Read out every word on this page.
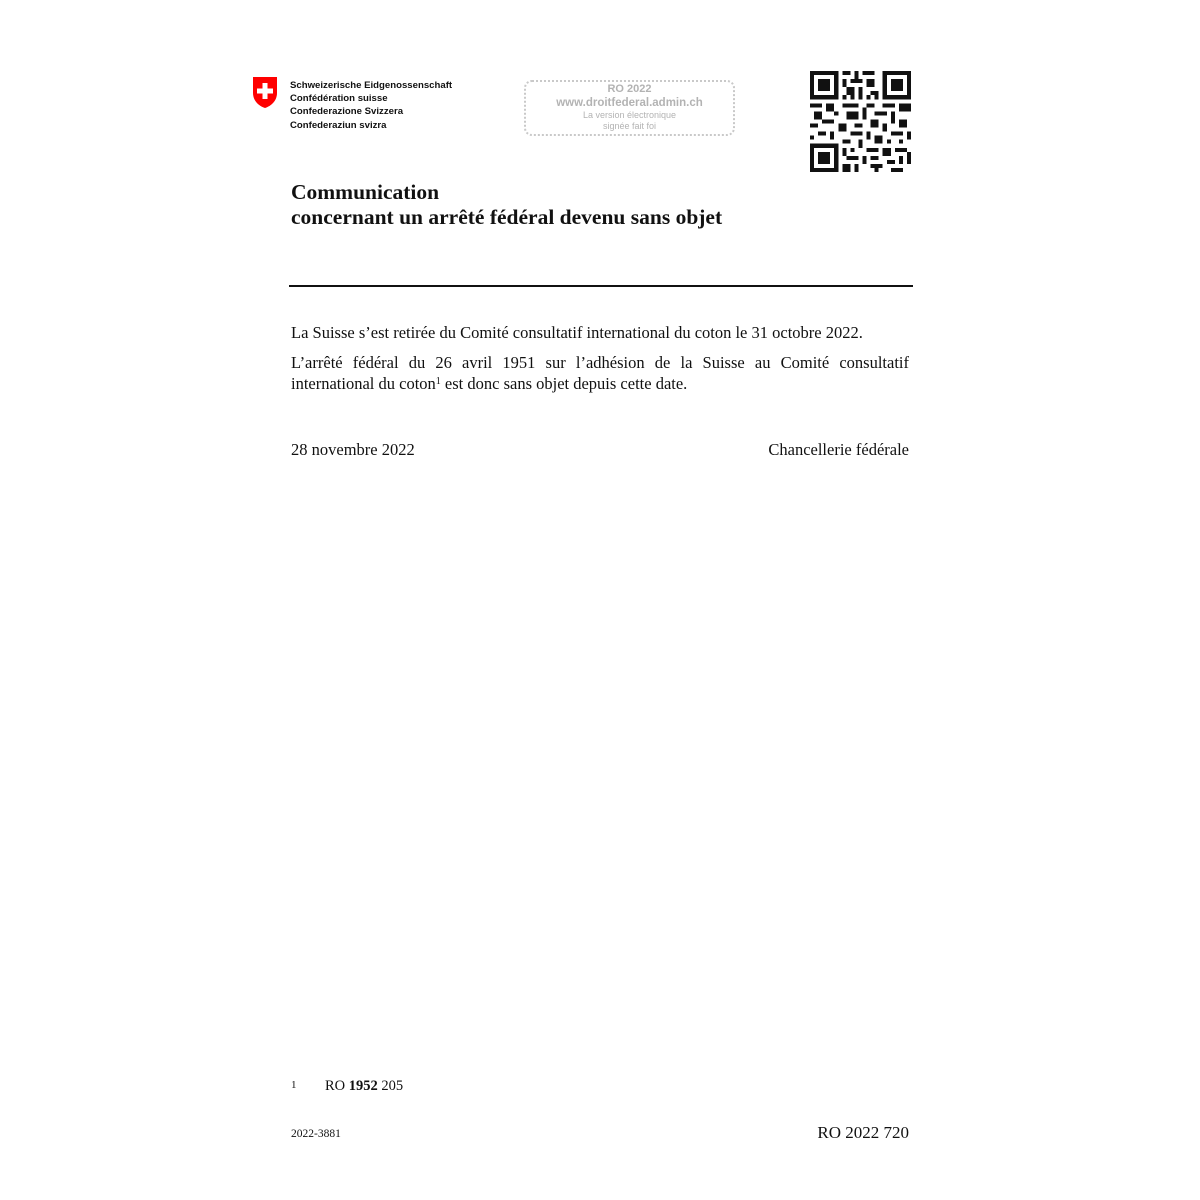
Schweizerische Eidgenossenschaft
Confédération suisse
Confederazione Svizzera
Confederaziun svizra
RO 2022
www.droitfederal.admin.ch
La version électronique
signée fait foi
Communication
concernant un arrêté fédéral devenu sans objet
La Suisse s’est retirée du Comité consultatif international du coton le 31 octobre 2022.
L’arrêté fédéral du 26 avril 1951 sur l’adhésion de la Suisse au Comité consultatif international du coton$^1$ est donc sans objet depuis cette date.
28 novembre 2022	Chancellerie fédérale
1 RO 1952 205
2022-3881	RO 2022 720
